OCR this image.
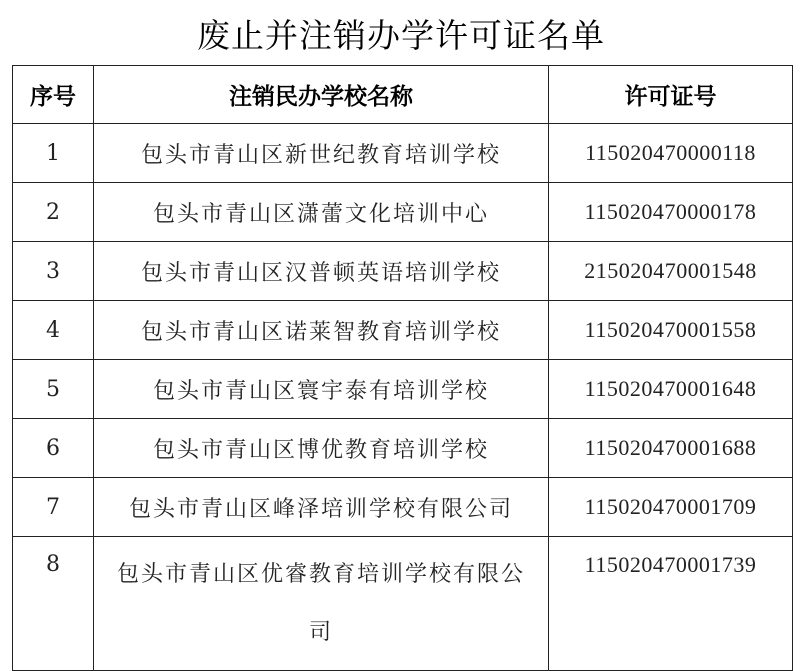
废止并注销办学许可证名单
序号	注销民办学校名称	许可证号
1	包头市青山区新世纪教育培训学校	115020470000118
2	包头市青山区潇蕾文化培训中心	115020470000178
3	包头市青山区汉普顿英语培训学校	215020470001548
4	包头市青山区诺莱智教育培训学校	115020470001558
5	包头市青山区寰宇泰有培训学校	115020470001648
6	包头市青山区博优教育培训学校	115020470001688
7	包头市青山区峰泽培训学校有限公司	115020470001709
8	包头市青山区优睿教育培训学校有限公司	115020470001739
